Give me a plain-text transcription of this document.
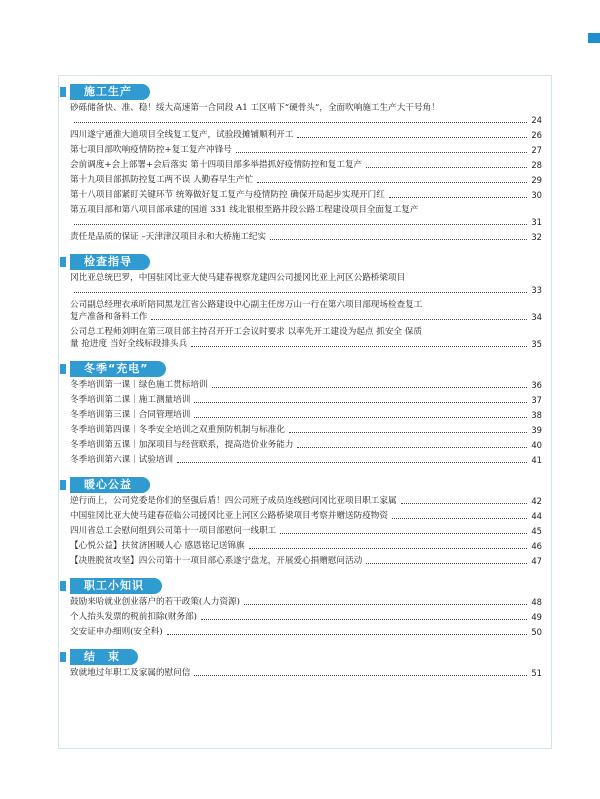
施工生产
砂砾储备快、准、稳！绥大高速第一合同段 A1 工区啃下“硬骨头”，全面吹响施工生产大干号角！
24
四川遂宁通淮大道项目全线复工复产，试验段摊铺顺利开工	26
第七项目部吹响疫情防控+复工复产冲锋号	27
会前调度+会上部署+会后落实 第十四项目部多举措抓好疫情防控和复工复产	28
第十九项目部抓防控复工两不误 人勤春早生产忙	29
第十八项目部紧盯关键环节 统筹做好复工复产与疫情防控 确保开局起步实现开门红	30
第五项目部和第八项目部承建的国道 331 线北银根至路井段公路工程建设项目全面复工复产
31
责任是品质的保证 –天津津汉项目永和大桥施工纪实	32
检查指导
冈比亚总统巴罗，中国驻冈比亚大使马建春视察龙建四公司援冈比亚上河区公路桥梁项目
33
公司副总经理衣承昕陪同黑龙江省公路建设中心副主任房万山一行在第六项目部现场检查复工
复产准备和备料工作	34
公司总工程师刘明在第三项目部主持召开开工会议时要求 以率先开工建设为起点 抓安全 保质
量 抢进度 当好全线标段排头兵	35
冬季“充电”
冬季培训第一课｜绿色施工贯标培训	36
冬季培训第二课｜施工测量培训	37
冬季培训第三课｜合同管理培训	38
冬季培训第四课｜冬季安全培训之双重预防机制与标准化	39
冬季培训第五课｜加深项目与经营联系，提高造价业务能力	40
冬季培训第六课｜试验培训	41
暖心公益
逆行而上，公司党委是你们的坚强后盾！四公司班子成员连线慰问冈比亚项目职工家属	42
中国驻冈比亚大使马建春莅临公司援冈比亚上河区公路桥梁项目考察并赠送防疫物资	44
四川省总工会慰问组到公司第十一项目部慰问一线职工	45
【心悦公益】扶贫济困暖人心 感恩铭记送锦旗	46
【决胜脱贫攻坚】四公司第十一项目部心系遂宁盘龙，开展爱心捐赠慰问活动	47
职工小知识
鼓励来哈就业创业落户的若干政策(人力资源)	48
个人抬头发票的税前扣除(财务部)	49
交安证申办细则(安全科)	50
结　束
致就地过年职工及家属的慰问信	51
